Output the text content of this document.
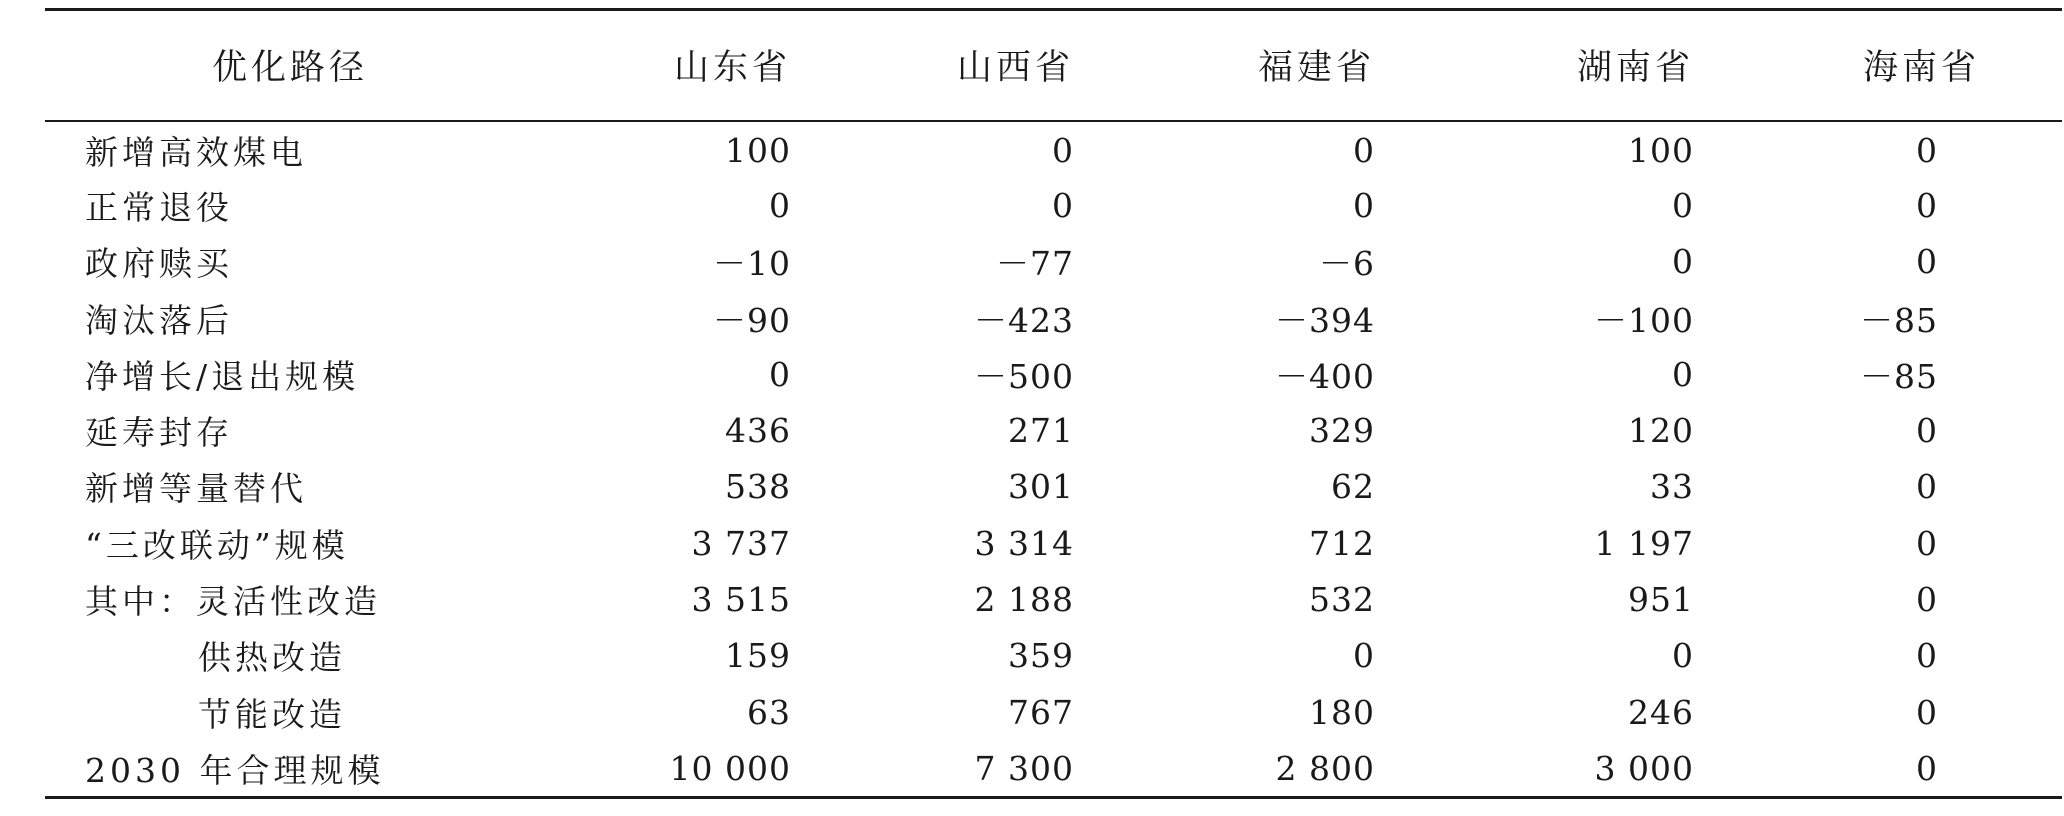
优化路径	山东省	山西省	福建省	湖南省	海南省
新增高效煤电	100	0	0	100	0
正常退役	0	0	0	0	0
政府赎买	－10	－77	－6	0	0
淘汰落后	－90	－423	－394	－100	－85
净增长/退出规模	0	－500	－400	0	－85
延寿封存	436	271	329	120	0
新增等量替代	538	301	62	33	0
“三改联动”规模	3 737	3 314	712	1 197	0
其中：灵活性改造	3 515	2 188	532	951	0
供热改造	159	359	0	0	0
节能改造	63	767	180	246	0
2030 年合理规模	10 000	7 300	2 800	3 000	0
